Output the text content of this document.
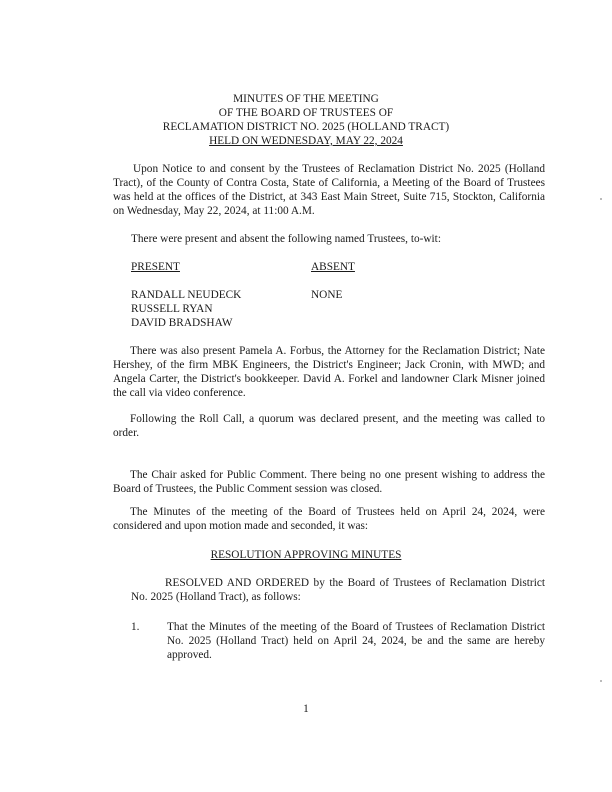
MINUTES OF THE MEETING
OF THE BOARD OF TRUSTEES OF
RECLAMATION DISTRICT NO. 2025 (HOLLAND TRACT)
HELD ON WEDNESDAY, MAY 22, 2024
Upon Notice to and consent by the Trustees of Reclamation District No. 2025 (Holland Tract), of the County of Contra Costa, State of California, a Meeting of the Board of Trustees was held at the offices of the District, at 343 East Main Street, Suite 715, Stockton, California on Wednesday, May 22, 2024, at 11:00 A.M.
There were present and absent the following named Trustees, to-wit:
PRESENT	ABSENT
RANDALL NEUDECK
RUSSELL RYAN
DAVID BRADSHAW
NONE
There was also present Pamela A. Forbus, the Attorney for the Reclamation District; Nate Hershey, of the firm MBK Engineers, the District's Engineer; Jack Cronin, with MWD; and Angela Carter, the District's bookkeeper. David A. Forkel and landowner Clark Misner joined the call via video conference.
Following the Roll Call, a quorum was declared present, and the meeting was called to order.
The Chair asked for Public Comment. There being no one present wishing to address the Board of Trustees, the Public Comment session was closed.
The Minutes of the meeting of the Board of Trustees held on April 24, 2024, were considered and upon motion made and seconded, it was:
RESOLUTION APPROVING MINUTES
RESOLVED AND ORDERED by the Board of Trustees of Reclamation District No. 2025 (Holland Tract), as follows:
1. That the Minutes of the meeting of the Board of Trustees of Reclamation District No. 2025 (Holland Tract) held on April 24, 2024, be and the same are hereby approved.
1
